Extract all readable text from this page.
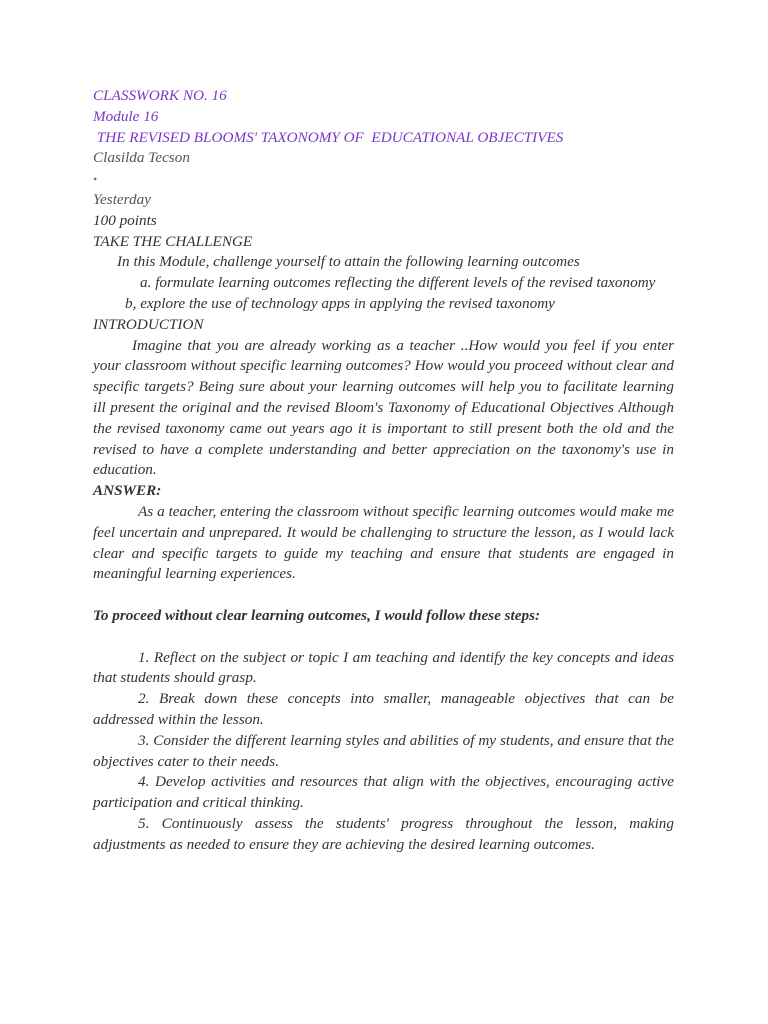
CLASSWORK NO. 16
Module 16
THE REVISED BLOOMS' TAXONOMY OF  EDUCATIONAL OBJECTIVES
Clasilda Tecson
•
Yesterday
100 points
TAKE THE CHALLENGE

In this Module, challenge yourself to attain the following learning outcomes

a. formulate learning outcomes reflecting the different levels of the revised taxonomy

b, explore the use of technology apps in applying the revised taxonomy

INTRODUCTION

Imagine that you are already working as a teacher ..How would you feel if you enter your classroom without specific learning outcomes? How would you proceed without clear and specific targets? Being sure about your learning outcomes will help you to facilitate learning ill present the original and the revised Bloom's Taxonomy of Educational Objectives Although the revised taxonomy came out years ago it is important to still present both the old and the revised to have a complete understanding and better appreciation on the taxonomy's use in education.

ANSWER:

As a teacher, entering the classroom without specific learning outcomes would make me feel uncertain and unprepared. It would be challenging to structure the lesson, as I would lack clear and specific targets to guide my teaching and ensure that students are engaged in meaningful learning experiences.

To proceed without clear learning outcomes, I would follow these steps:

1. Reflect on the subject or topic I am teaching and identify the key concepts and ideas that students should grasp.

2. Break down these concepts into smaller, manageable objectives that can be addressed within the lesson.

3. Consider the different learning styles and abilities of my students, and ensure that the objectives cater to their needs.

4. Develop activities and resources that align with the objectives, encouraging active participation and critical thinking.

5. Continuously assess the students' progress throughout the lesson, making adjustments as needed to ensure they are achieving the desired learning outcomes.
